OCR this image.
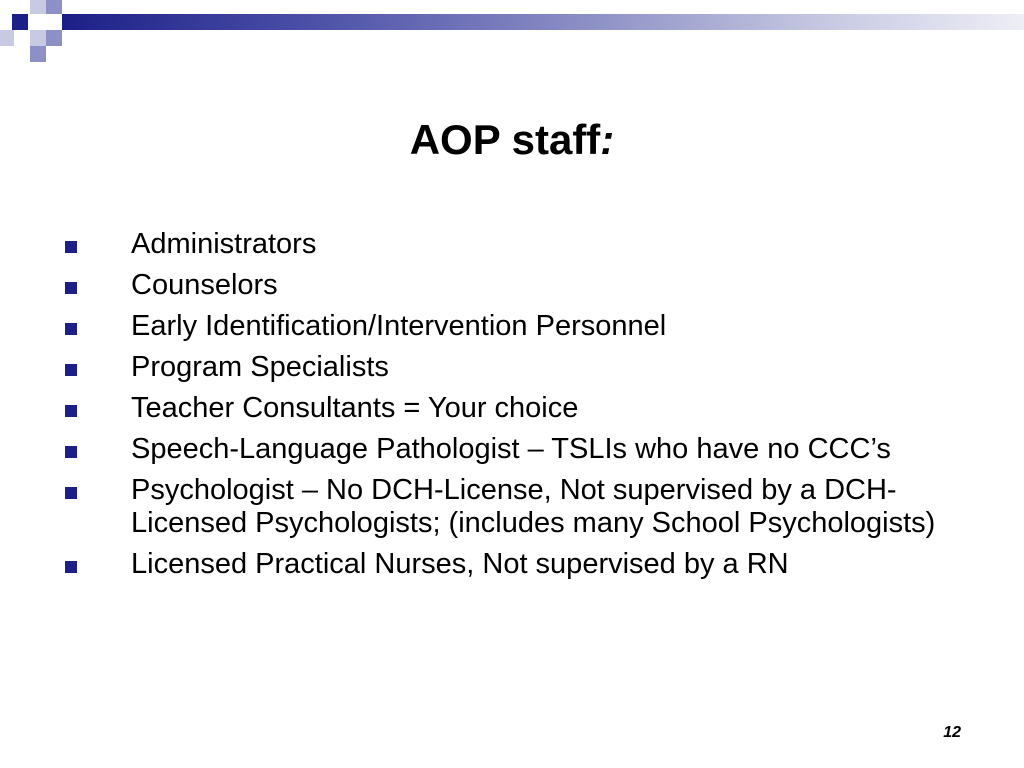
AOP staff:
Administrators
Counselors
Early Identification/Intervention Personnel
Program Specialists
Teacher Consultants = Your choice
Speech-Language Pathologist – TSLIs who have no CCC’s
Psychologist – No DCH-License, Not supervised by a DCH- Licensed Psychologists; (includes many School Psychologists)
Licensed Practical Nurses, Not supervised by a RN
12
